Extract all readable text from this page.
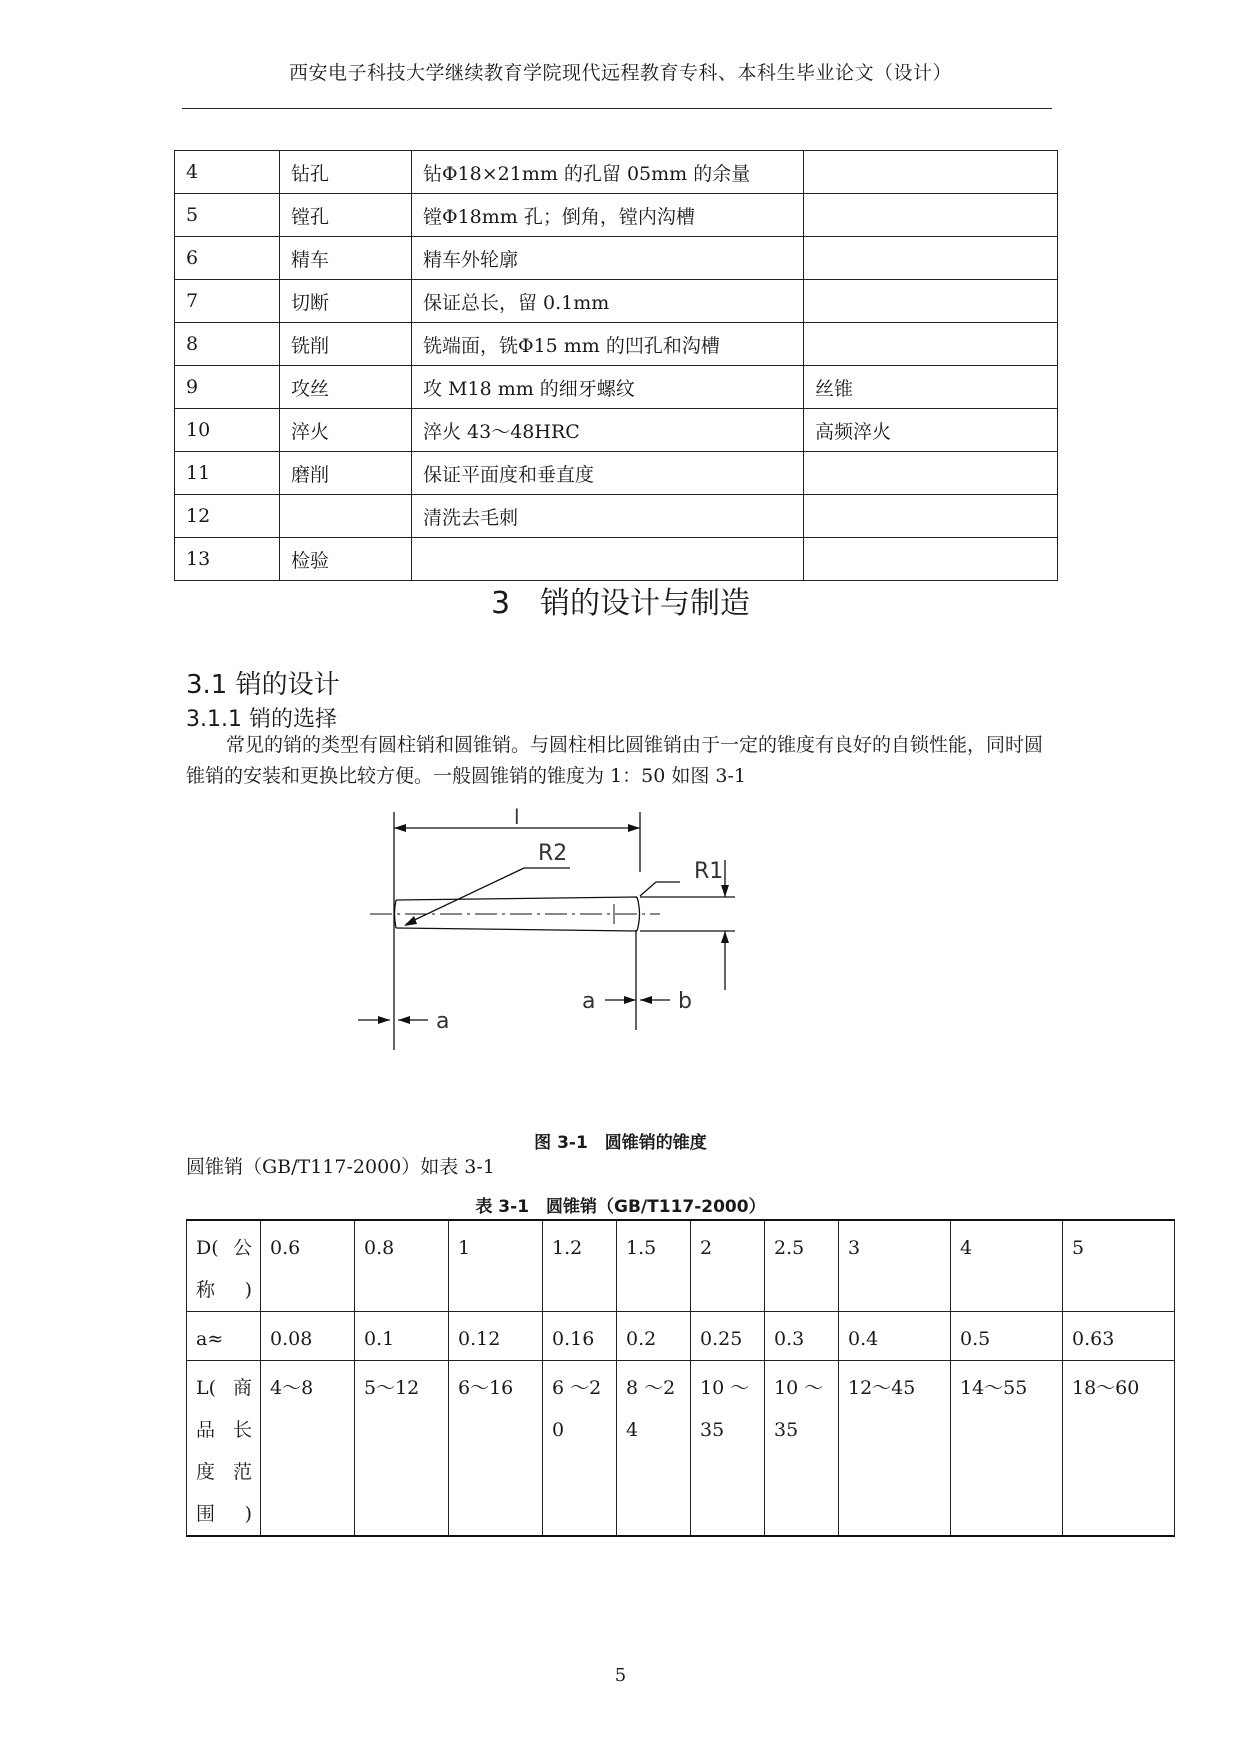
西安电子科技大学继续教育学院现代远程教育专科、本科生毕业论文（设计）
4	钻孔	钻Φ18×21mm 的孔留 05mm 的余量	
5	镗孔	镗Φ18mm 孔；倒角，镗内沟槽	
6	精车	精车外轮廓	
7	切断	保证总长，留 0.1mm	
8	铣削	铣端面，铣Φ15 mm 的凹孔和沟槽	
9	攻丝	攻 M18 mm 的细牙螺纹	丝锥
10	淬火	淬火 43～48HRC	高频淬火
11	磨削	保证平面度和垂直度	
12		清洗去毛刺	
13	检验		
3　销的设计与制造
3.1 销的设计
3.1.1 销的选择

常见的销的类型有圆柱销和圆锥销。与圆柱相比圆锥销由于一定的锥度有良好的自锁性能，同时圆锥销的安装和更换比较方便。一般圆锥销的锥度为 1：50 如图 3-1

l
R2
R1
a	b
a
图 3-1　圆锥销的锥度
圆锥销（GB/T117-2000）如表 3-1
表 3-1　圆锥销（GB/T117-2000）
D( 公称)	0.6	0.8	1	1.2	1.5	2	2.5	3	4	5

a≈	0.08	0.1	0.12	0.16	0.2	0.25	0.3	0.4	0.5	0.63

L( 商品长度范围)	4～8	5～12	6～16	6 ～20	8 ～24	10 ～35	10 ～35	12～45	14～55	18～60
5
